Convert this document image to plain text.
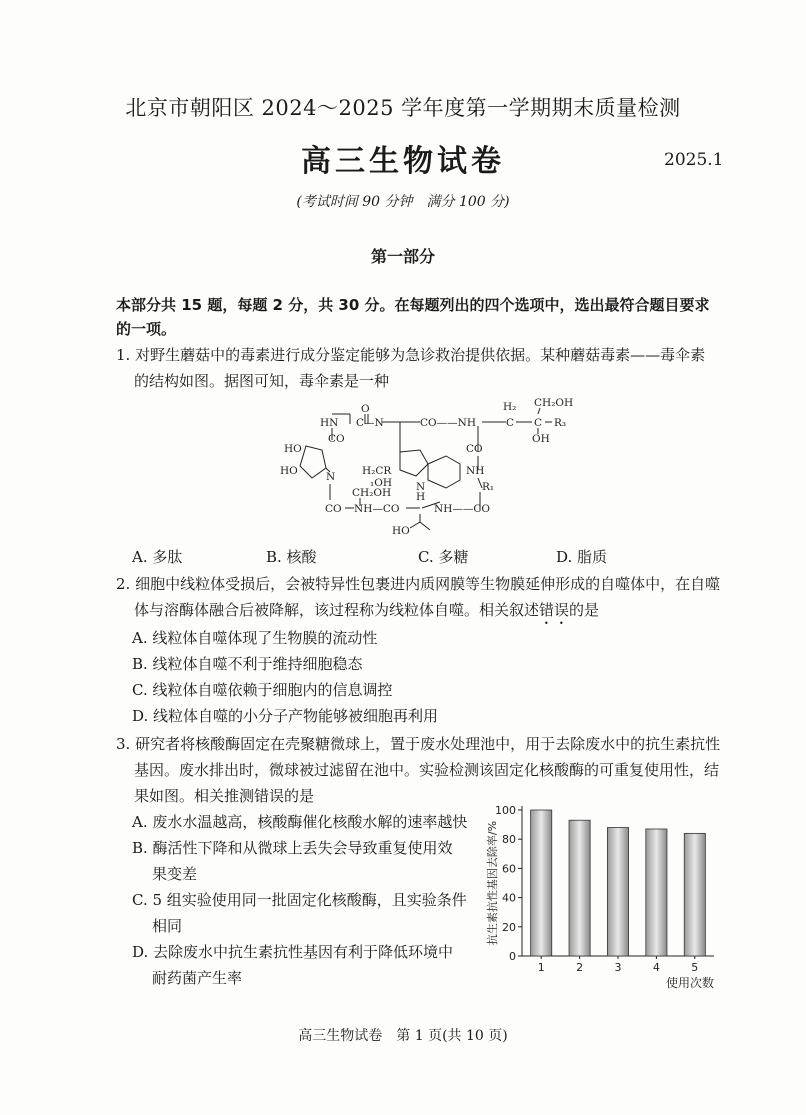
北京市朝阳区 2024～2025 学年度第一学期期末质量检测
高三生物试卷	2025.1
(考试时间 90 分钟　满分 100 分)
第一部分
本部分共 15 题，每题 2 分，共 30 分。在每题列出的四个选项中，选出最符合题目要求
的一项。
1. 对野生蘑菇中的毒素进行成分鉴定能够为急诊救治提供依据。某种蘑菇毒素——毒伞素
的结构如图。据图可知，毒伞素是一种
O
HN C—N	CO——NH
H₂
C C
CH₂OH
R₃
OH
CO
NH
R₁
CO
HO
HO	N
CO
N
H
H₂CR
₁OH
CH₂OH
NH—CO	NH——CO
HO
A. 多肽	B. 核酸	C. 多糖	D. 脂质
2. 细胞中线粒体受损后，会被特异性包裹进内质网膜等生物膜延伸形成的自噬体中，在自噬
体与溶酶体融合后被降解，该过程称为线粒体自噬。相关叙述错误的是
A. 线粒体自噬体现了生物膜的流动性
B. 线粒体自噬不利于维持细胞稳态
C. 线粒体自噬依赖于细胞内的信息调控
D. 线粒体自噬的小分子产物能够被细胞再利用
3. 研究者将核酸酶固定在壳聚糖微球上，置于废水处理池中，用于去除废水中的抗生素抗性
基因。废水排出时，微球被过滤留在池中。实验检测该固定化核酸酶的可重复使用性，结
果如图。相关推测错误的是
A. 废水水温越高，核酸酶催化核酸水解的速率越快
B. 酶活性下降和从微球上丢失会导致重复使用效
果变差
C. 5 组实验使用同一批固定化核酸酶，且实验条件
相同
D. 去除废水中抗生素抗性基因有利于降低环境中
耐药菌产生率
0
20
40
60
80
100
1	2	3	4	5
使用次数
抗生素抗性基因去除率/%
高三生物试卷　第 1 页(共 10 页)
